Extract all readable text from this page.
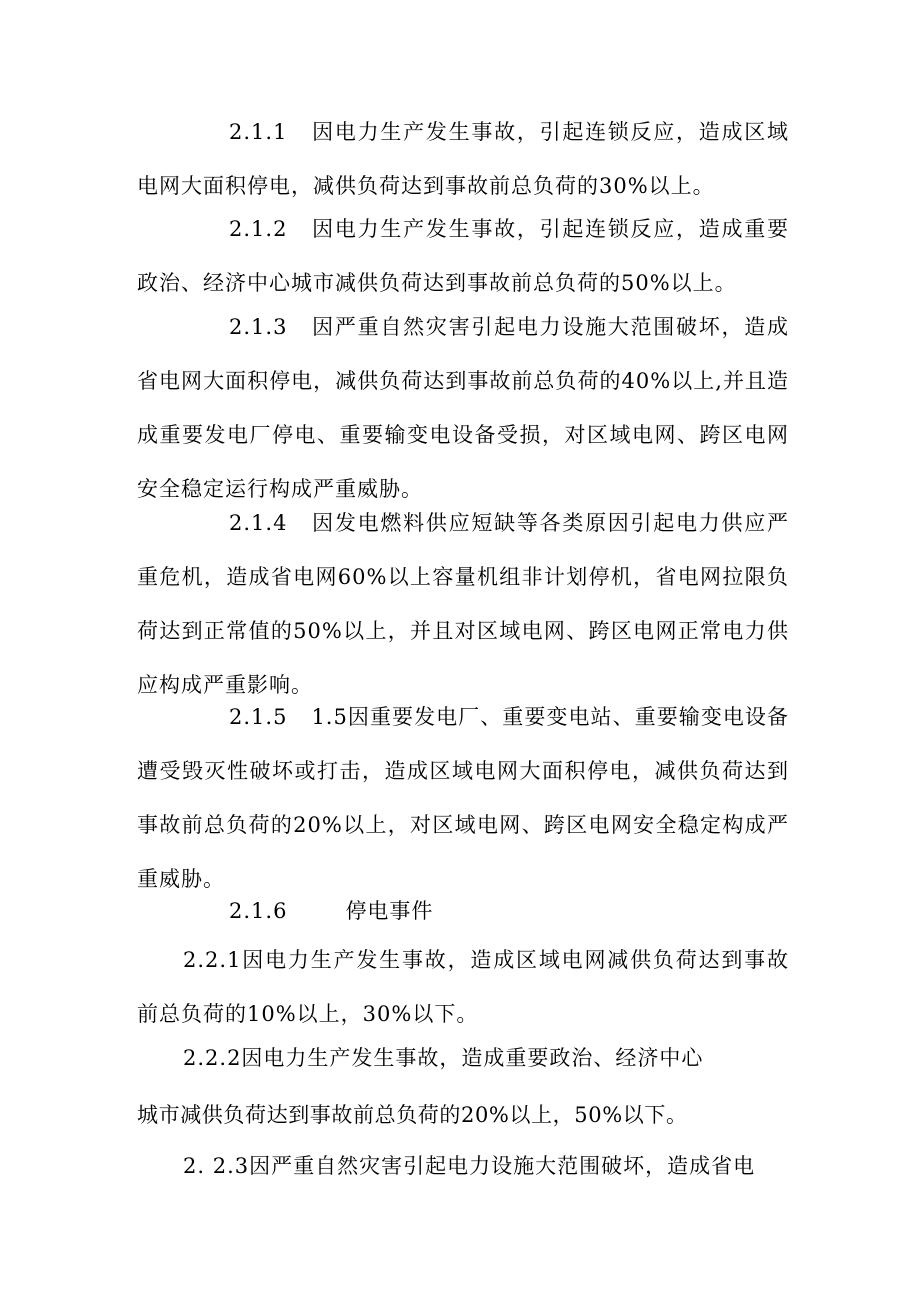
2.1.1 因电力生产发生事故，引起连锁反应，造成区域电网大面积停电，减供负荷达到事故前总负荷的30%以上。

2.1.2 因电力生产发生事故，引起连锁反应，造成重要政治、经济中心城市减供负荷达到事故前总负荷的50%以上。

2.1.3 因严重自然灾害引起电力设施大范围破坏，造成省电网大面积停电，减供负荷达到事故前总负荷的40%以上,并且造成重要发电厂停电、重要输变电设备受损，对区域电网、跨区电网安全稳定运行构成严重威胁。

2.1.4 因发电燃料供应短缺等各类原因引起电力供应严重危机，造成省电网60%以上容量机组非计划停机，省电网拉限负荷达到正常值的50%以上，并且对区域电网、跨区电网正常电力供应构成严重影响。

2.1.5 1.5因重要发电厂、重要变电站、重要输变电设备遭受毁灭性破坏或打击，造成区域电网大面积停电，减供负荷达到事故前总负荷的20%以上，对区域电网、跨区电网安全稳定构成严重威胁。

2.1.6	停电事件

2.2.1因电力生产发生事故，造成区域电网减供负荷达到事故前总负荷的10%以上，30%以下。

2.2.2因电力生产发生事故，造成重要政治、经济中心

城市减供负荷达到事故前总负荷的20%以上，50%以下。

2. 2.3因严重自然灾害引起电力设施大范围破坏，造成省电
